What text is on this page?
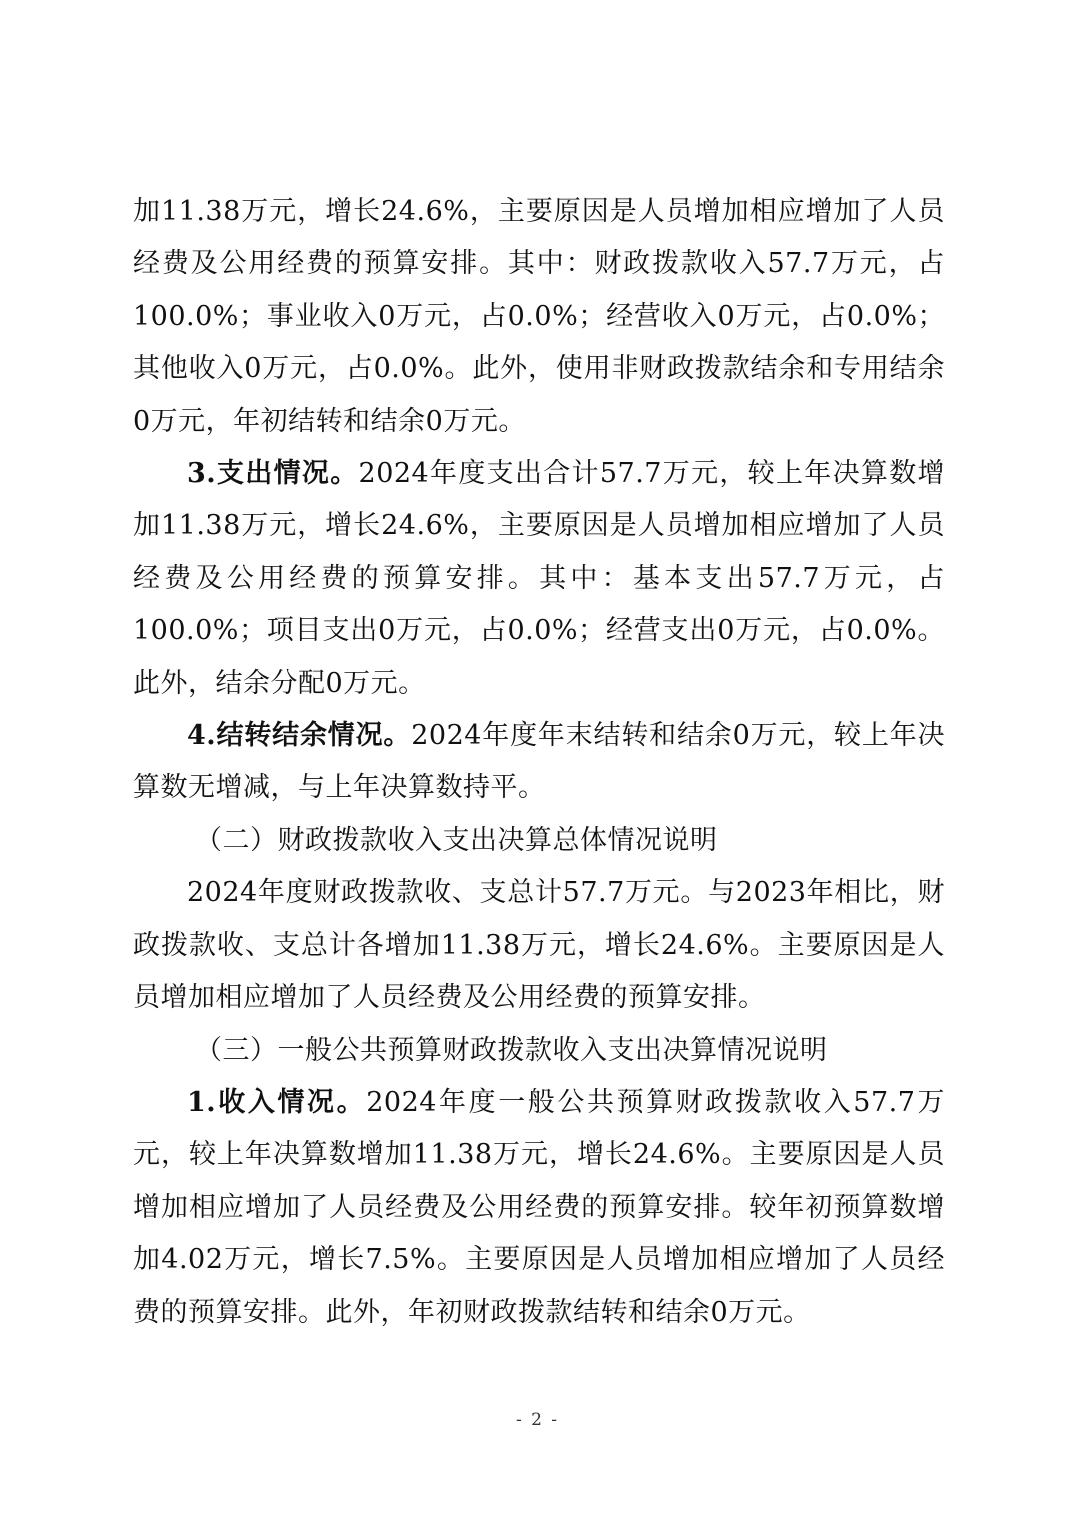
加11.38万元，增长24.6%，主要原因是人员增加相应增加了人员经费及公用经费的预算安排。其中：财政拨款收入57.7万元，占100.0%；事业收入0万元，占0.0%；经营收入0万元，占0.0%；其他收入0万元，占0.0%。此外，使用非财政拨款结余和专用结余0万元，年初结转和结余0万元。

3.支出情况。2024年度支出合计57.7万元，较上年决算数增加11.38万元，增长24.6%，主要原因是人员增加相应增加了人员经费及公用经费的预算安排。其中：基本支出57.7万元，占100.0%；项目支出0万元，占0.0%；经营支出0万元，占0.0%。此外，结余分配0万元。

4.结转结余情况。2024年度年末结转和结余0万元，较上年决算数无增减，与上年决算数持平。

（二）财政拨款收入支出决算总体情况说明

2024年度财政拨款收、支总计57.7万元。与2023年相比，财政拨款收、支总计各增加11.38万元，增长24.6%。主要原因是人员增加相应增加了人员经费及公用经费的预算安排。

（三）一般公共预算财政拨款收入支出决算情况说明

1.收入情况。2024年度一般公共预算财政拨款收入57.7万元，较上年决算数增加11.38万元，增长24.6%。主要原因是人员增加相应增加了人员经费及公用经费的预算安排。较年初预算数增加4.02万元，增长7.5%。主要原因是人员增加相应增加了人员经费的预算安排。此外，年初财政拨款结转和结余0万元。

- 2 -
